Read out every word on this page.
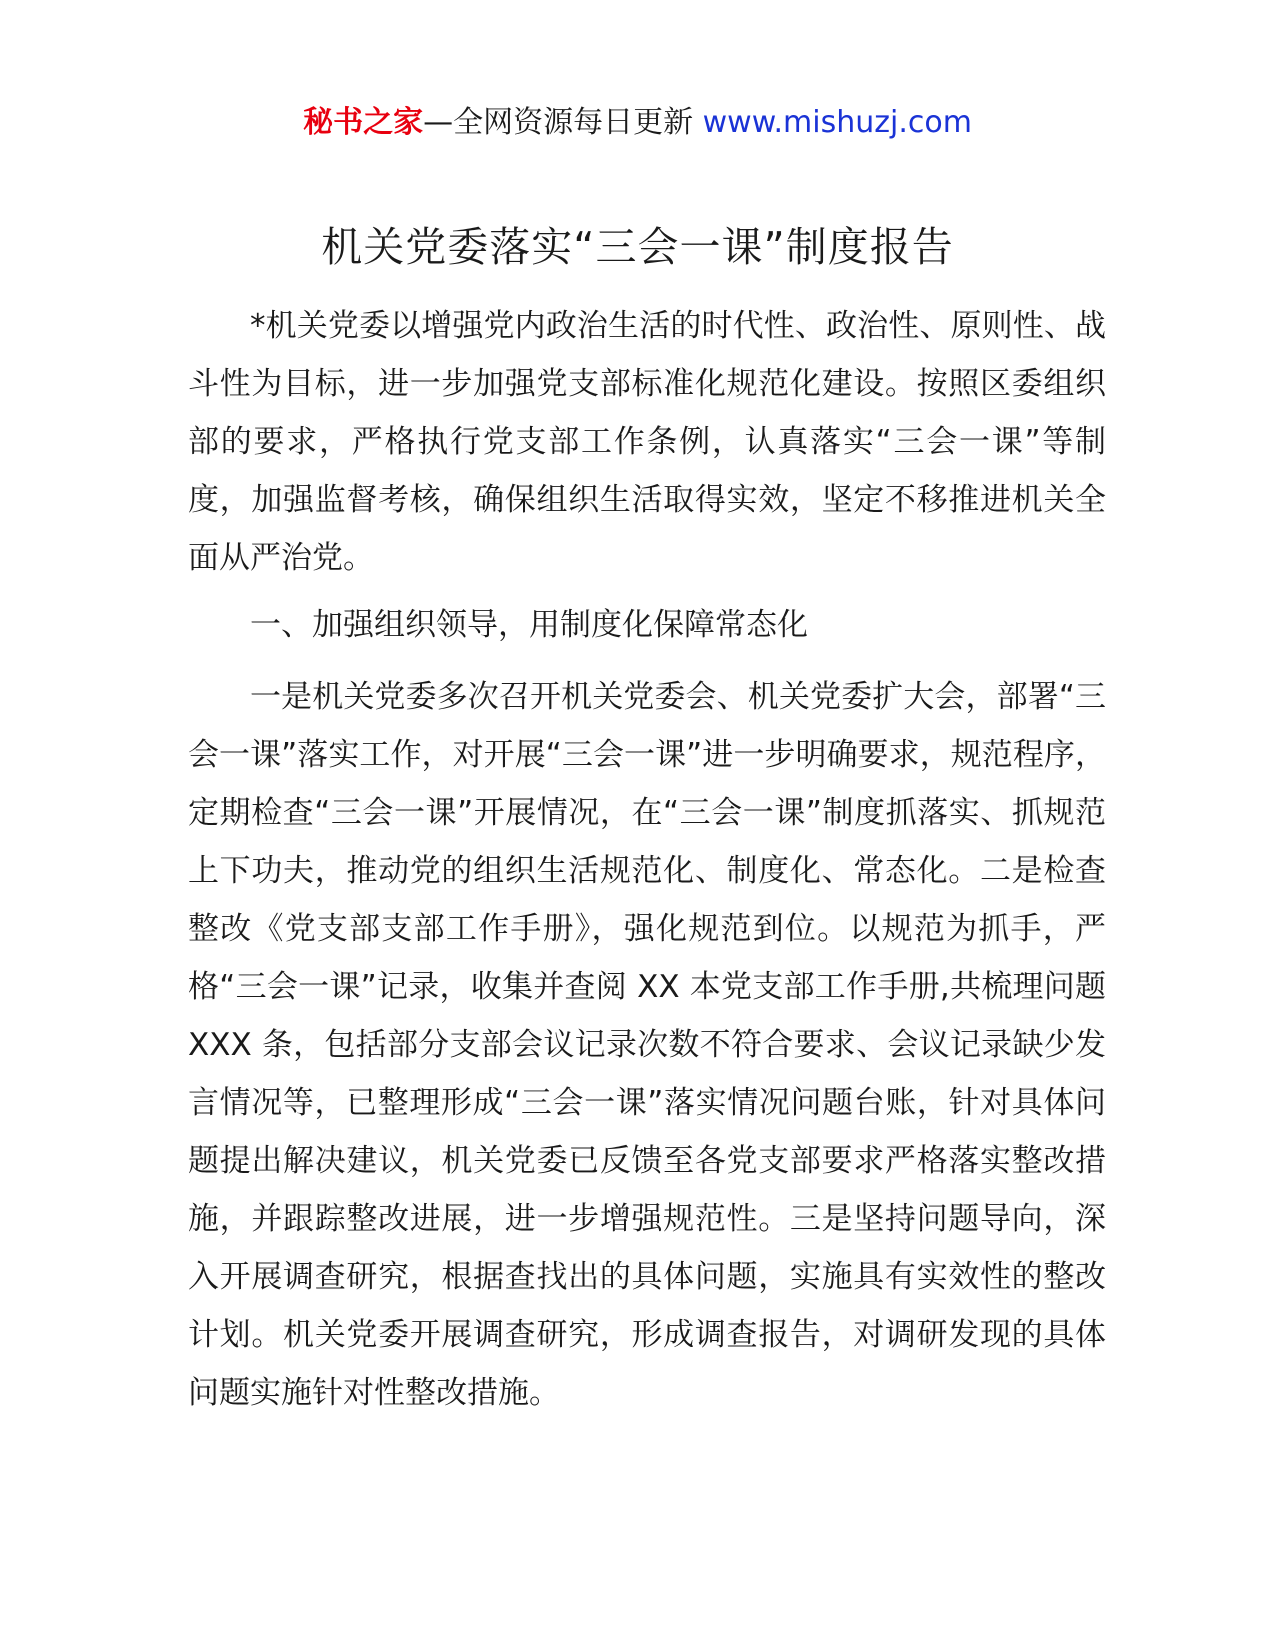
秘书之家—全网资源每日更新 www.mishuzj.com
机关党委落实“三会一课”制度报告

*机关党委以增强党内政治生活的时代性、政治性、原则性、战斗性为目标，进一步加强党支部标准化规范化建设。按照区委组织部的要求，严格执行党支部工作条例，认真落实“三会一课”等制度，加强监督考核，确保组织生活取得实效，坚定不移推进机关全面从严治党。

一、加强组织领导，用制度化保障常态化

一是机关党委多次召开机关党委会、机关党委扩大会，部署“三会一课”落实工作，对开展“三会一课”进一步明确要求，规范程序，定期检查“三会一课”开展情况，在“三会一课”制度抓落实、抓规范上下功夫，推动党的组织生活规范化、制度化、常态化。二是检查整改《党支部支部工作手册》，强化规范到位。以规范为抓手，严格“三会一课”记录，收集并查阅 XX 本党支部工作手册,共梳理问题 XXX 条，包括部分支部会议记录次数不符合要求、会议记录缺少发言情况等，已整理形成“三会一课”落实情况问题台账，针对具体问题提出解决建议，机关党委已反馈至各党支部要求严格落实整改措施，并跟踪整改进展，进一步增强规范性。三是坚持问题导向，深入开展调查研究，根据查找出的具体问题，实施具有实效性的整改计划。机关党委开展调查研究，形成调查报告，对调研发现的具体问题实施针对性整改措施。
